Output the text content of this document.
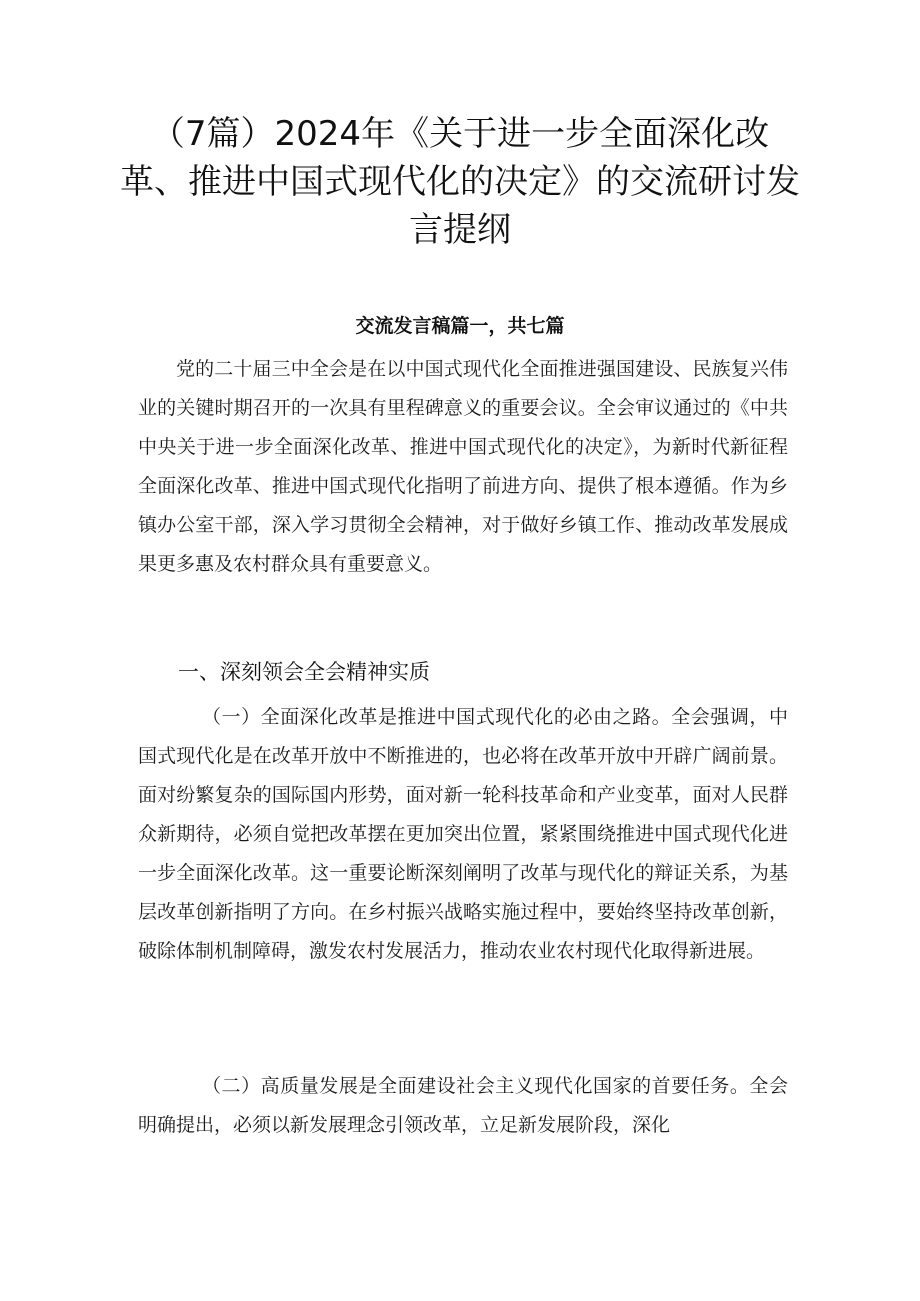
（7篇）2024年《关于进一步全面深化改革、推进中国式现代化的决定》的交流研讨发言提纲

交流发言稿篇一，共七篇

党的二十届三中全会是在以中国式现代化全面推进强国建设、民族复兴伟业的关键时期召开的一次具有里程碑意义的重要会议。全会审议通过的《中共中央关于进一步全面深化改革、推进中国式现代化的决定》，为新时代新征程全面深化改革、推进中国式现代化指明了前进方向、提供了根本遵循。作为乡镇办公室干部，深入学习贯彻全会精神，对于做好乡镇工作、推动改革发展成果更多惠及农村群众具有重要意义。

一、深刻领会全会精神实质

（一）全面深化改革是推进中国式现代化的必由之路。全会强调，中国式现代化是在改革开放中不断推进的，也必将在改革开放中开辟广阔前景。面对纷繁复杂的国际国内形势，面对新一轮科技革命和产业变革，面对人民群众新期待，必须自觉把改革摆在更加突出位置，紧紧围绕推进中国式现代化进一步全面深化改革。这一重要论断深刻阐明了改革与现代化的辩证关系，为基层改革创新指明了方向。在乡村振兴战略实施过程中，要始终坚持改革创新，破除体制机制障碍，激发农村发展活力，推动农业农村现代化取得新进展。

（二）高质量发展是全面建设社会主义现代化国家的首要任务。全会明确提出，必须以新发展理念引领改革，立足新发展阶段，深化
